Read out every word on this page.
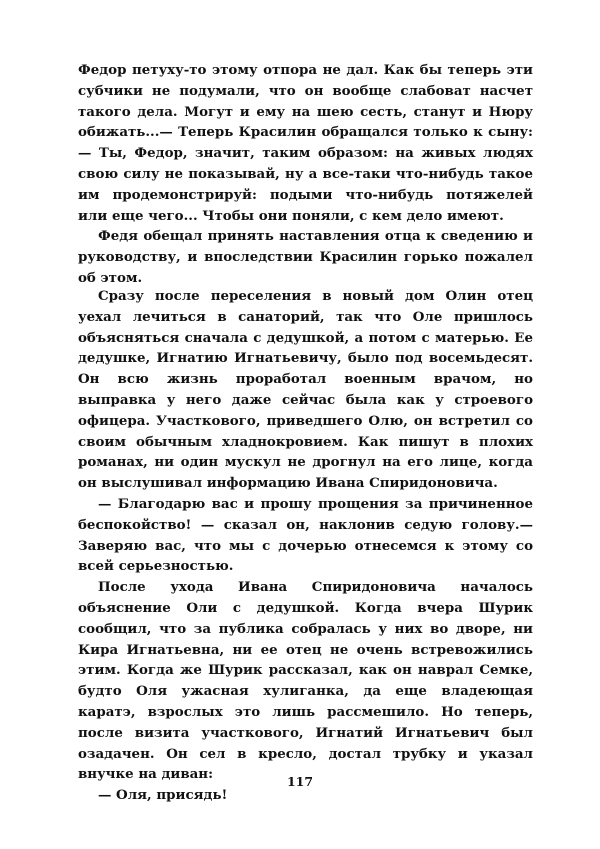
Федор петуху-то этому отпора не дал. Как бы теперь эти субчики не подумали, что он вообще слабоват насчет такого дела. Могут и ему на шею сесть, станут и Нюру обижать...— Теперь Красилин обращался только к сыну: — Ты, Федор, значит, таким образом: на живых людях свою силу не показывай, ну а все-таки что-нибудь такое им продемонстрируй: подыми что-нибудь потяжелей или еще чего... Чтобы они поняли, с кем дело имеют.

Федя обещал принять наставления отца к сведению и руководству, и впоследствии Красилин горько пожалел об этом.

Сразу после переселения в новый дом Олин отец уехал лечиться в санаторий, так что Оле пришлось объясняться сначала с дедушкой, а потом с матерью. Ее дедушке, Игнатию Игнатьевичу, было под восемьдесят. Он всю жизнь проработал военным врачом, но выправка у него даже сейчас была как у строевого офицера. Участкового, приведшего Олю, он встретил со своим обычным хладнокровием. Как пишут в плохих романах, ни один мускул не дрогнул на его лице, когда он выслушивал информацию Ивана Спиридоновича.

— Благодарю вас и прошу прощения за причиненное беспокойство! — сказал он, наклонив седую голову.— Заверяю вас, что мы с дочерью отнесемся к этому со всей серьезностью.

После ухода Ивана Спиридоновича началось объяснение Оли с дедушкой. Когда вчера Шурик сообщил, что за публика собралась у них во дворе, ни Кира Игнатьевна, ни ее отец не очень встревожились этим. Когда же Шурик рассказал, как он наврал Семке, будто Оля ужасная хулиганка, да еще владеющая каратэ, взрослых это лишь рассмешило. Но теперь, после визита участкового, Игнатий Игнатьевич был озадачен. Он сел в кресло, достал трубку и указал внучке на диван:

— Оля, присядь!

117
